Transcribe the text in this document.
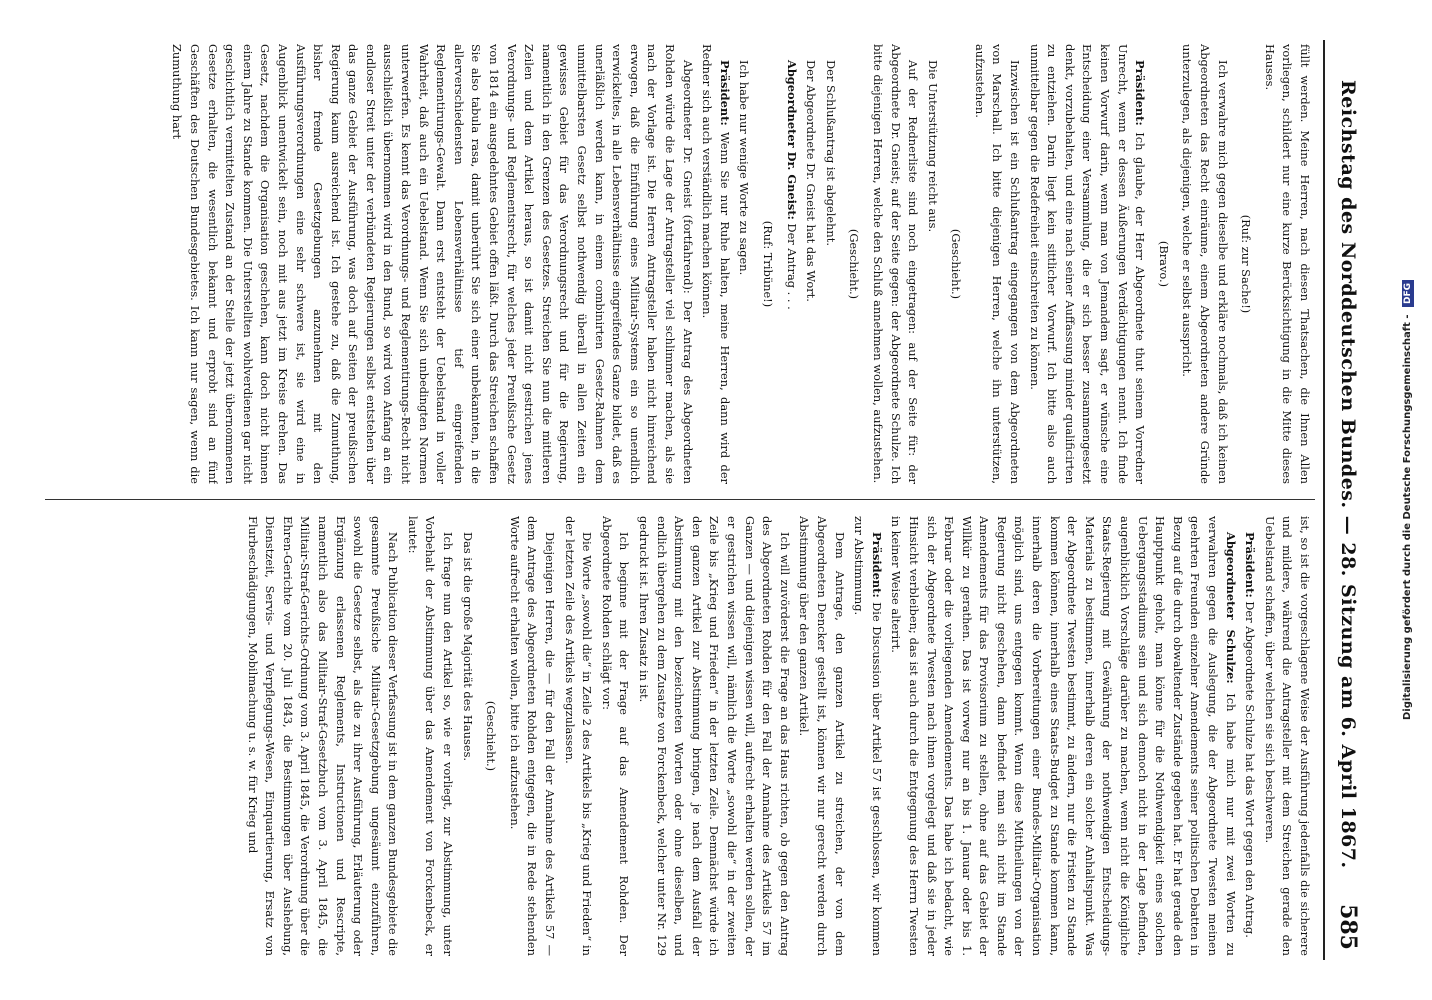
Reichstag des Norddeutschen Bundes. — 28. Sitzung am 6. April 1867.
585

füllt werden. Meine Herren, nach diesen Thatsachen, die Ihnen Allen vorliegen, schildert nur eine kurze Berücksichtigung in die Mitte dieses Hauses.

(Ruf: zur Sache!)

Ich verwahre mich gegen dieselbe und erkläre nochmals, daß ich keinen Abgeordneten das Recht einräume, einem Abgeordneten andere Gründe unterzulegen, als diejenigen, welche er selbst ausspricht.

(Bravo.)

Präsident: Ich glaube, der Herr Abgeordnete thut seinem Vorredner Unrecht, wenn er dessen Äußerungen Verdächtigungen nennt. Ich finde keinen Vorwurf darin, wenn man von Jemandem sagt, er wünsche eine Entscheidung einer Versammlung, die er sich besser zusammengesetzt denkt, vorzubehalten, und eine nach seiner Auffassung minder qualificirten zu entziehen. Darin liegt kein sittlicher Vorwurf. Ich bitte also auch unmittelbar gegen die Redefreiheit einschreiten zu können.

Inzwischen ist ein Schlußantrag eingegangen von dem Abgeordneten von Marschall. Ich bitte diejenigen Herren, welche ihn unterstützen, aufzustehen.

(Geschieht.)

Die Unterstützung reicht aus.

Auf der Rednerliste sind noch eingetragen: auf der Seite für: der Abgeordnete Dr. Gneist; auf der Seite gegen: der Abgeordnete Schulze. Ich bitte diejenigen Herren, welche den Schluß annehmen wollen, aufzustehen.

(Geschieht.)

Der Schlußantrag ist abgelehnt.

Der Abgeordnete Dr. Gneist hat das Wort.

Abgeordneter Dr. Gneist: Der Antrag . . .

(Ruf: Tribüne!)

Ich habe nur wenige Worte zu sagen.

Präsident: Wenn Sie nur Ruhe halten, meine Herren, dann wird der Redner sich auch verständlich machen können.

Abgeordneter Dr. Gneist (fortfahrend): Der Antrag des Abgeordneten Rohden würde die Lage der Antragsteller viel schlimmer machen, als sie nach der Vorlage ist. Die Herren Antragsteller haben nicht hinreichend erwogen, daß die Einführung eines Militair-Systems ein so unendlich verwickeltes, in alle Lebensverhältnisse eingreifendes Ganze bildet, daß es unerläßlich werden kann, in einem combinirten Gesetz-Rahmen dem unmittelbarsten Gesetz selbst nothwendig überall in allen Zeiten ein gewisses Gebiet für das Verordnungsrecht und für die Regierung, namentlich in den Grenzen des Gesetzes. Streichen Sie nun die mittleren Zeilen und dem Artikel heraus, so ist damit nicht gestrichen jenes Verordnungs- und Reglementsrecht, für welches jeder Preußische Gesetz von 1814 ein ausgedehntes Gebiet offen läßt. Durch das Streichen schaffen Sie also tabula rasa, damit unberührt Sie sich einer unbekannten, in die allerverschiedensten Lebensverhältnisse tief eingreifenden Reglementirungs-Gewalt. Dann erst entsteht der Uebelstand in voller Wahrheit, daß auch ein Uebelstand. Wenn Sie sich unbedingten Normen unterwerfen. Es kennt das Verordnungs- und Reglementirungs-Recht nicht ausschließlich übernommen wird in den Bund, so wird von Anfang an ein endloser Streit unter der verbündeten Regierungen selbst entstehen über das ganze Gebiet der Ausführung, was doch auf Seiten der preußischen Regierung kaum ausreichend ist. Ich gestehe zu, daß die Zumuthung, bisher fremde Gesetzgebungen anzunehmen mit den Ausführungsverordnungen eine sehr schwere ist, sie wird eine in Augenblick unentwickelt sein, noch mit aus jetzt im Kreise drehen. Das Gesetz, nachdem die Organisation geschehen, kann doch nicht binnen einem Jahre zu Stande kommen. Die Unterstellten wohlverdienen gar nicht geschichtlich vermittelten Zustand an der Stelle der jetzt übernommenen Gesetze erhalten, die wesentlich bekannt und erprobt sind an fünf Geschäften des Deutschen Bundesgebietes. Ich kann nur sagen, wenn die Zumuthung hart

ist, so ist die vorgeschlagene Weise der Ausführung jedenfalls die sicherere und mildere, während die Antragsteller mit dem Streichen gerade den Uebelstand schaffen, über welchen sie sich beschweren.

Präsident: Der Abgeordnete Schulze hat das Wort gegen den Antrag.

Abgeordneter Schulze: Ich habe mich nur mit zwei Worten zu verwahren gegen die Auslegung, die der Abgeordnete Twesten meinen geehrten Freunden einzelner Amendements seiner politischen Debatten in Bezug auf die durch obwaltender Zustände gegeben hat. Er hat gerade den Hauptpunkt geholt, man könne für die Nothwendigkeit eines solchen Uebergangsstadiums sein und sich dennoch nicht in der Lage befinden, augenblicklich Vorschläge darüber zu machen, wenn nicht die Königliche Staats-Regierung mit Gewährung der nothwendigen Entscheidungs-Materials zu bestimmen, innerhalb deren ein solcher Anhaltspunkt. Was der Abgeordnete Twesten bestimmt, zu ändern, nur die Fristen zu Stande kommen können, innerhalb eines Staats-Budget zu Stande kommen kann, innerhalb deren die Vorbereitungen einer Bundes-Militair-Organisation möglich sind, uns entgegen kommt. Wenn diese Mittheilungen von der Regierung nicht geschehen, dann befindet man sich nicht im Stande Amendements für das Provisorium zu stellen, ohne auf das Gebiet der Willkür zu gerathen. Das ist vorweg nur an bis 1. Januar oder bis 1. Februar oder die vorliegenden Amendements. Das habe ich bedacht, wie sich der Abgeordnete Twesten nach ihnen vorgelegt und daß sie in jeder Hinsicht verbleiben; das ist auch durch die Entgegnung des Herrn Twesten in keiner Weise alterirt.

Präsident: Die Discussion über Artikel 57 ist geschlossen, wir kommen zur Abstimmung.

Dem Antrage, den ganzen Artikel zu streichen, der von dem Abgeordneten Dencker gestellt ist, können wir nur gerecht werden durch Abstimmung über den ganzen Artikel.

Ich will zuvörderst die Frage an das Haus richten, ob gegen den Antrag des Abgeordneten Rohden für den Fall der Annahme des Artikels 57 im Ganzen — und diejenigen wissen will, aufrecht erhalten werden sollen, der er gestrichen wissen will, nämlich die Worte „sowohl die“ in der zweiten Zeile bis „Krieg und Frieden“ in der letzten Zeile. Demnächst würde ich den ganzen Artikel zur Abstimmung bringen, je nach dem Ausfall der Abstimmung mit den bezeichneten Worten oder ohne dieselben, und endlich übergehen zu dem Zusatze von Forckenbeck, welcher unter Nr. 129 gedruckt ist. Ihren Zusatz in ist.

Ich beginne mit der Frage auf das Amendement Rohden. Der Abgeordnete Rohden schlägt vor:

Die Worte „sowohl die“ in Zeile 2 des Artikels bis „Krieg und Frieden“ in der letzten Zeile des Artikels wegzulassen.

Diejenigen Herren, die — für den Fall der Annahme des Artikels 57 — dem Antrage des Abgeordneten Rohden entgegen, die in Rede stehenden Worte aufrecht erhalten wollen, bitte ich aufzustehen.

(Geschieht.)

Das ist die große Majorität des Hauses.

Ich frage nun den Artikel so, wie er vorliegt, zur Abstimmung, unter Vorbehalt der Abstimmung über das Amendement von Forckenbeck, er lautet:

Nach Publication dieser Verfassung ist in dem ganzen Bundesgebiete die gesammte Preußische Militair-Gesetzgebung ungesäumt einzuführen, sowohl die Gesetze selbst, als die zu ihrer Ausführung, Erläuterung oder Ergänzung erlassenen Reglements, Instructionen und Rescripte, namentlich also das Militair-Straf-Gesetzbuch vom 3. April 1845, die Militair-Straf-Gerichts-Ordnung vom 3. April 1845, die Verordnung über die Ehren-Gerichte vom 20. Juli 1843, die Bestimmungen über Aushebung, Dienstzeit, Servis- und Verpflegungs-Wesen, Einquartierung, Ersatz von Flurbeschädigungen, Mobilmachung u. s. w. für Krieg und	Digitalisierung gefördert durch die Deutsche Forschungsgemeinschaft - DFG
